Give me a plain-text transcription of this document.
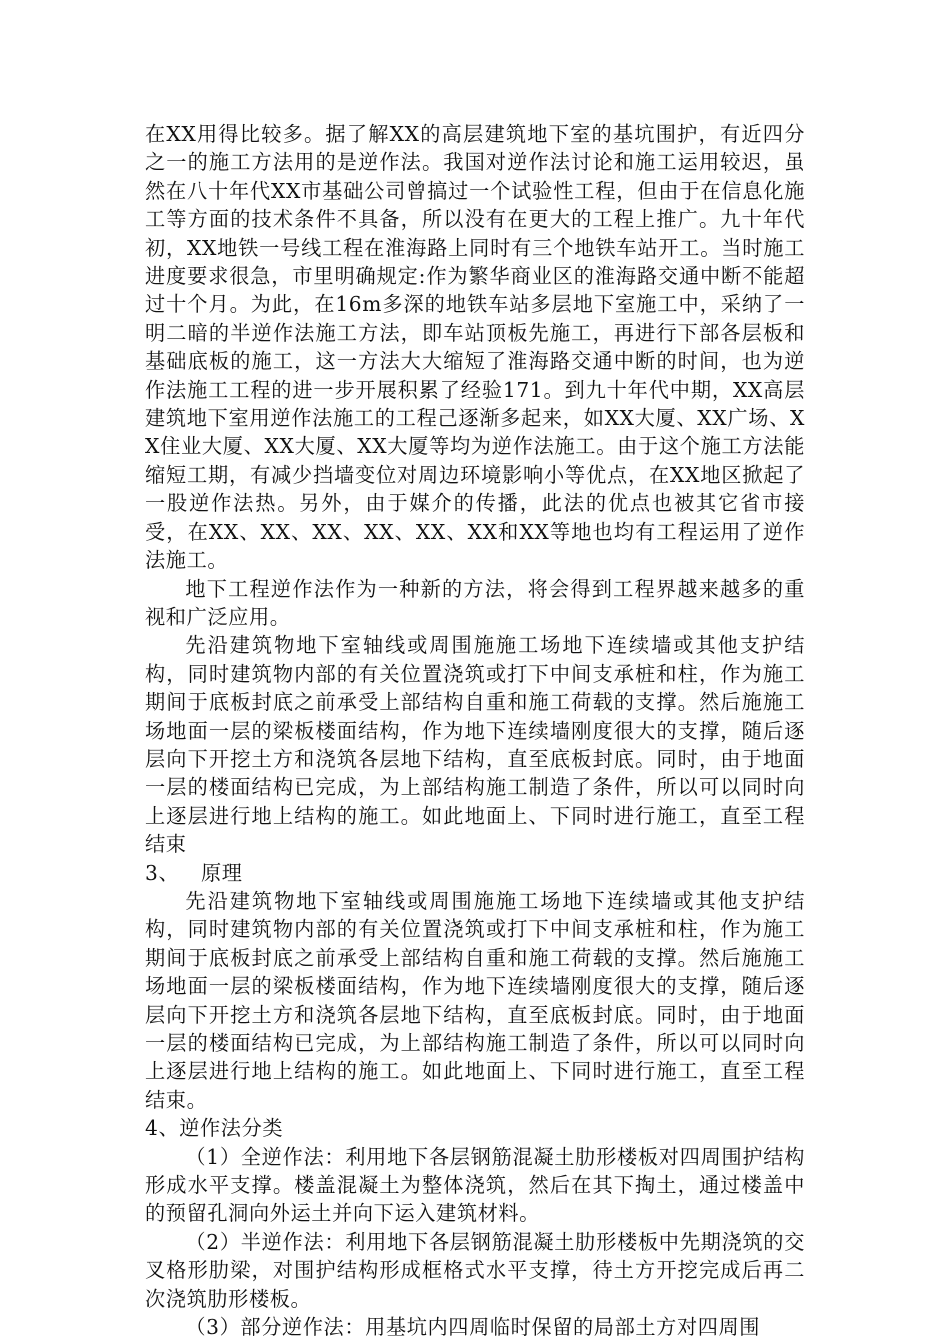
在XX用得比较多。据了解XX的高层建筑地下室的基坑围护，有近四分之一的施工方法用的是逆作法。我国对逆作法讨论和施工运用较迟，虽然在八十年代XX市基础公司曾搞过一个试验性工程，但由于在信息化施工等方面的技术条件不具备，所以没有在更大的工程上推广。九十年代初，XX地铁一号线工程在淮海路上同时有三个地铁车站开工。当时施工进度要求很急，市里明确规定:作为繁华商业区的淮海路交通中断不能超过十个月。为此，在16m多深的地铁车站多层地下室施工中，采纳了一明二暗的半逆作法施工方法，即车站顶板先施工，再进行下部各层板和基础底板的施工，这一方法大大缩短了淮海路交通中断的时间，也为逆作法施工工程的进一步开展积累了经验171。到九十年代中期，XX高层建筑地下室用逆作法施工的工程己逐渐多起来，如XX大厦、XX广场、XX住业大厦、XX大厦、XX大厦等均为逆作法施工。由于这个施工方法能缩短工期，有减少挡墙变位对周边环境影响小等优点，在XX地区掀起了一股逆作法热。另外，由于媒介的传播，此法的优点也被其它省市接受，在XX、XX、XX、XX、XX、XX和XX等地也均有工程运用了逆作法施工。

地下工程逆作法作为一种新的方法，将会得到工程界越来越多的重视和广泛应用。

先沿建筑物地下室轴线或周围施施工场地下连续墙或其他支护结构，同时建筑物内部的有关位置浇筑或打下中间支承桩和柱，作为施工期间于底板封底之前承受上部结构自重和施工荷载的支撑。然后施施工场地面一层的梁板楼面结构，作为地下连续墙刚度很大的支撑，随后逐层向下开挖土方和浇筑各层地下结构，直至底板封底。同时，由于地面一层的楼面结构已完成，为上部结构施工制造了条件，所以可以同时向上逐层进行地上结构的施工。如此地面上、下同时进行施工，直至工程结束

3、 原理

先沿建筑物地下室轴线或周围施施工场地下连续墙或其他支护结构，同时建筑物内部的有关位置浇筑或打下中间支承桩和柱，作为施工期间于底板封底之前承受上部结构自重和施工荷载的支撑。然后施施工场地面一层的梁板楼面结构，作为地下连续墙刚度很大的支撑，随后逐层向下开挖土方和浇筑各层地下结构，直至底板封底。同时，由于地面一层的楼面结构已完成，为上部结构施工制造了条件，所以可以同时向上逐层进行地上结构的施工。如此地面上、下同时进行施工，直至工程结束。

4、逆作法分类

（1）全逆作法：利用地下各层钢筋混凝土肋形楼板对四周围护结构形成水平支撑。楼盖混凝土为整体浇筑，然后在其下掏土，通过楼盖中的预留孔洞向外运土并向下运入建筑材料。

（2）半逆作法：利用地下各层钢筋混凝土肋形楼板中先期浇筑的交叉格形肋梁，对围护结构形成框格式水平支撑，待土方开挖完成后再二次浇筑肋形楼板。

（3）部分逆作法：用基坑内四周临时保留的局部土方对四周围
